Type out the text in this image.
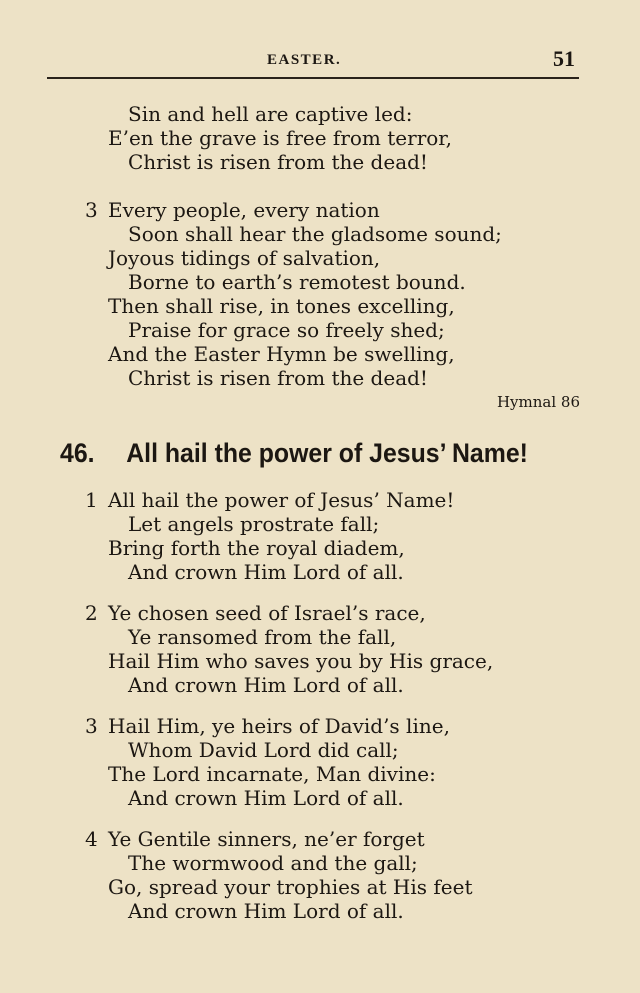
EASTER.	51
Sin and hell are captive led:
E’en the grave is free from terror,
Christ is risen from the dead!
3 Every people, every nation
Soon shall hear the gladsome sound;
Joyous tidings of salvation,
Borne to earth’s remotest bound.
Then shall rise, in tones excelling,
Praise for grace so freely shed;
And the Easter Hymn be swelling,
Christ is risen from the dead!
Hymnal 86
46. All hail the power of Jesus’ Name!
1 All hail the power of Jesus’ Name!
Let angels prostrate fall;
Bring forth the royal diadem,
And crown Him Lord of all.
2 Ye chosen seed of Israel’s race,
Ye ransomed from the fall,
Hail Him who saves you by His grace,
And crown Him Lord of all.
3 Hail Him, ye heirs of David’s line,
Whom David Lord did call;
The Lord incarnate, Man divine:
And crown Him Lord of all.
4 Ye Gentile sinners, ne’er forget
The wormwood and the gall;
Go, spread your trophies at His feet
And crown Him Lord of all.
